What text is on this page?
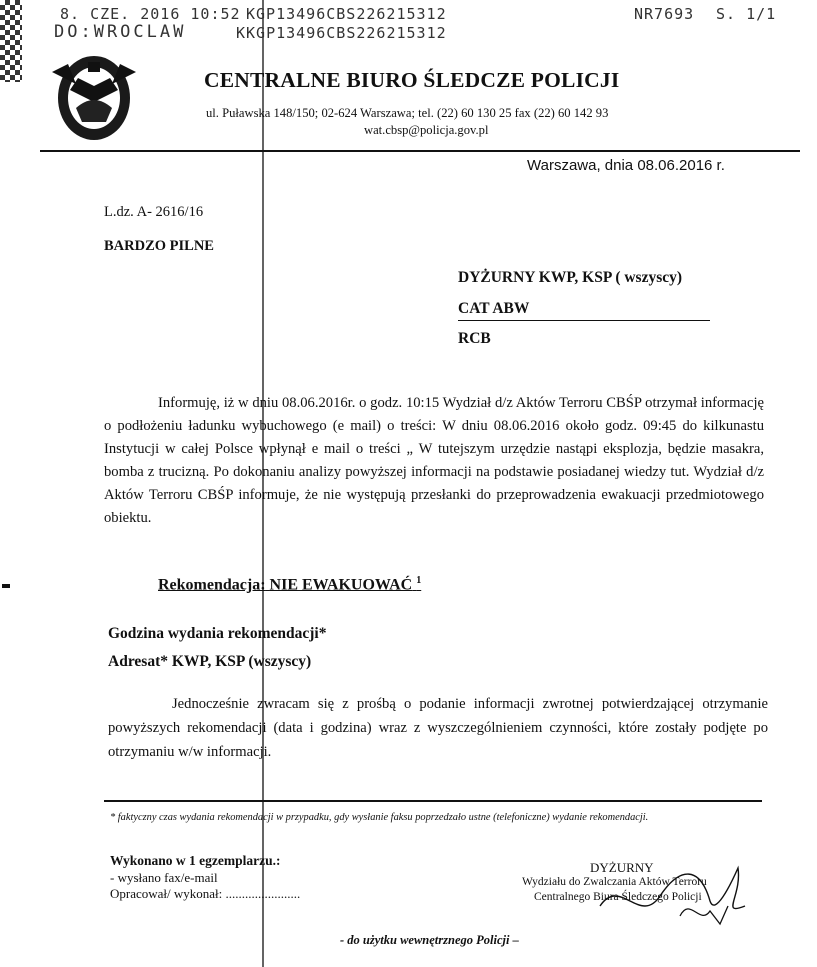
8. CZE. 2016 10:52 KGP13496CBS226215312	NR7693 S. 1/1
DO:WROCLAW	KKGP13496CBS226215312
CENTRALNE BIURO ŚLEDCZE POLICJI
ul. Puławska 148/150; 02-624 Warszawa; tel. (22) 60 130 25 fax (22) 60 142 93
wat.cbsp@policja.gov.pl
Warszawa, dnia 08.06.2016 r.
L.dz. A- 2616/16
BARDZO PILNE
DYŻURNY KWP, KSP ( wszyscy)
CAT ABW
RCB

Informuję, iż w dniu 08.06.2016r. o godz. 10:15 Wydział d/z Aktów Terroru CBŚP otrzymał informację o podłożeniu ładunku wybuchowego (e mail) o treści: W dniu 08.06.2016 około godz. 09:45 do kilkunastu Instytucji w całej Polsce wpłynął e mail o treści „ W tutejszym urzędzie nastąpi eksplozja, będzie masakra, bomba z trucizną. Po dokonaniu analizy powyższej informacji na podstawie posiadanej wiedzy tut. Wydział d/z Aktów Terroru CBŚP informuje, że nie występują przesłanki do przeprowadzenia ewakuacji przedmiotowego obiektu.

Rekomendacja: NIE EWAKUOWAĆ $^1$
Godzina wydania rekomendacji*
Adresat* KWP, KSP (wszyscy)

Jednocześnie zwracam się z prośbą o podanie informacji zwrotnej potwierdzającej otrzymanie powyższych rekomendacji (data i godzina) wraz z wyszczególnieniem czynności, które zostały podjęte po otrzymaniu w/w informacji.

* faktyczny czas wydania rekomendacji w przypadku, gdy wysłanie faksu poprzedzało ustne (telefoniczne) wydanie rekomendacji.
Wykonano w 1 egzemplarzu.:
- wysłano fax/e-mail
Opracował/ wykonał: .......................
DYŻURNY
Wydziału do Zwalczania Aktów Terroru
Centralnego Biura Śledczego Policji
- do użytku wewnętrznego Policji –
